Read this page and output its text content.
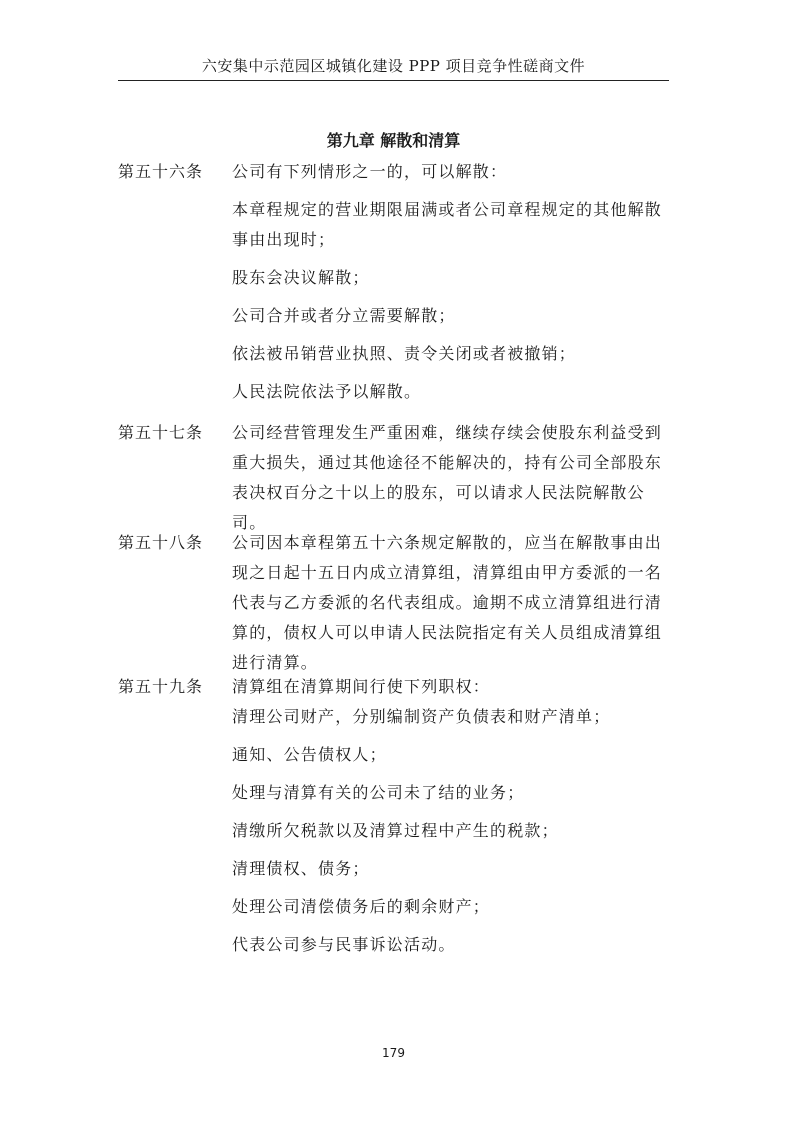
六安集中示范园区城镇化建设 PPP 项目竞争性磋商文件
第九章 解散和清算
第五十六条	公司有下列情形之一的，可以解散：

本章程规定的营业期限届满或者公司章程规定的其他解散事由出现时；

股东会决议解散；

公司合并或者分立需要解散；

依法被吊销营业执照、责令关闭或者被撤销；

人民法院依法予以解散。

第五十七条	公司经营管理发生严重困难，继续存续会使股东利益受到重大损失，通过其他途径不能解决的，持有公司全部股东表决权百分之十以上的股东，可以请求人民法院解散公司。

第五十八条	公司因本章程第五十六条规定解散的，应当在解散事由出现之日起十五日内成立清算组，清算组由甲方委派的一名代表与乙方委派的名代表组成。逾期不成立清算组进行清算的，债权人可以申请人民法院指定有关人员组成清算组进行清算。

第五十九条	清算组在清算期间行使下列职权：

清理公司财产，分别编制资产负债表和财产清单；

通知、公告债权人；

处理与清算有关的公司未了结的业务；

清缴所欠税款以及清算过程中产生的税款；

清理债权、债务；

处理公司清偿债务后的剩余财产；

代表公司参与民事诉讼活动。

179
